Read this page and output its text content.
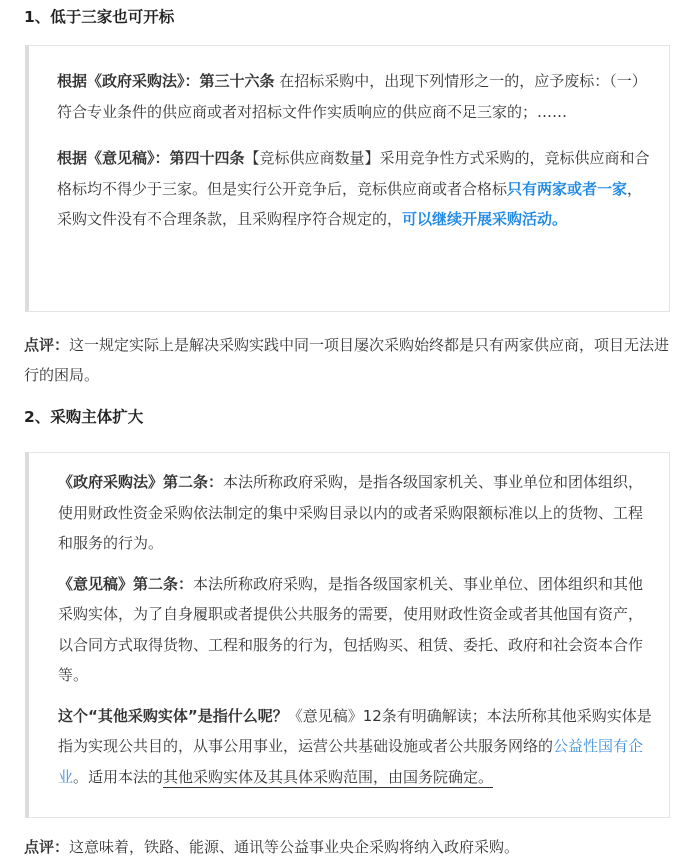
1、低于三家也可开标

根据《政府采购法》：第三十六条 在招标采购中，出现下列情形之一的，应予废标：（一）符合专业条件的供应商或者对招标文件作实质响应的供应商不足三家的；……

根据《意见稿》：第四十四条【竞标供应商数量】采用竞争性方式采购的，竞标供应商和合格标均不得少于三家。但是实行公开竞争后，竞标供应商或者合格标只有两家或者一家，采购文件没有不合理条款，且采购程序符合规定的，可以继续开展采购活动。

点评：这一规定实际上是解决采购实践中同一项目屡次采购始终都是只有两家供应商，项目无法进行的困局。
2、采购主体扩大

《政府采购法》第二条：本法所称政府采购，是指各级国家机关、事业单位和团体组织，使用财政性资金采购依法制定的集中采购目录以内的或者采购限额标准以上的货物、工程和服务的行为。

《意见稿》第二条：本法所称政府采购，是指各级国家机关、事业单位、团体组织和其他采购实体，为了自身履职或者提供公共服务的需要，使用财政性资金或者其他国有资产，以合同方式取得货物、工程和服务的行为，包括购买、租赁、委托、政府和社会资本合作等。

这个“其他采购实体”是指什么呢？《意见稿》12条有明确解读；本法所称其他采购实体是指为实现公共目的，从事公用事业，运营公共基础设施或者公共服务网络的公益性国有企业。适用本法的其他采购实体及其具体采购范围，由国务院确定。

点评：这意味着，铁路、能源、通讯等公益事业央企采购将纳入政府采购。
